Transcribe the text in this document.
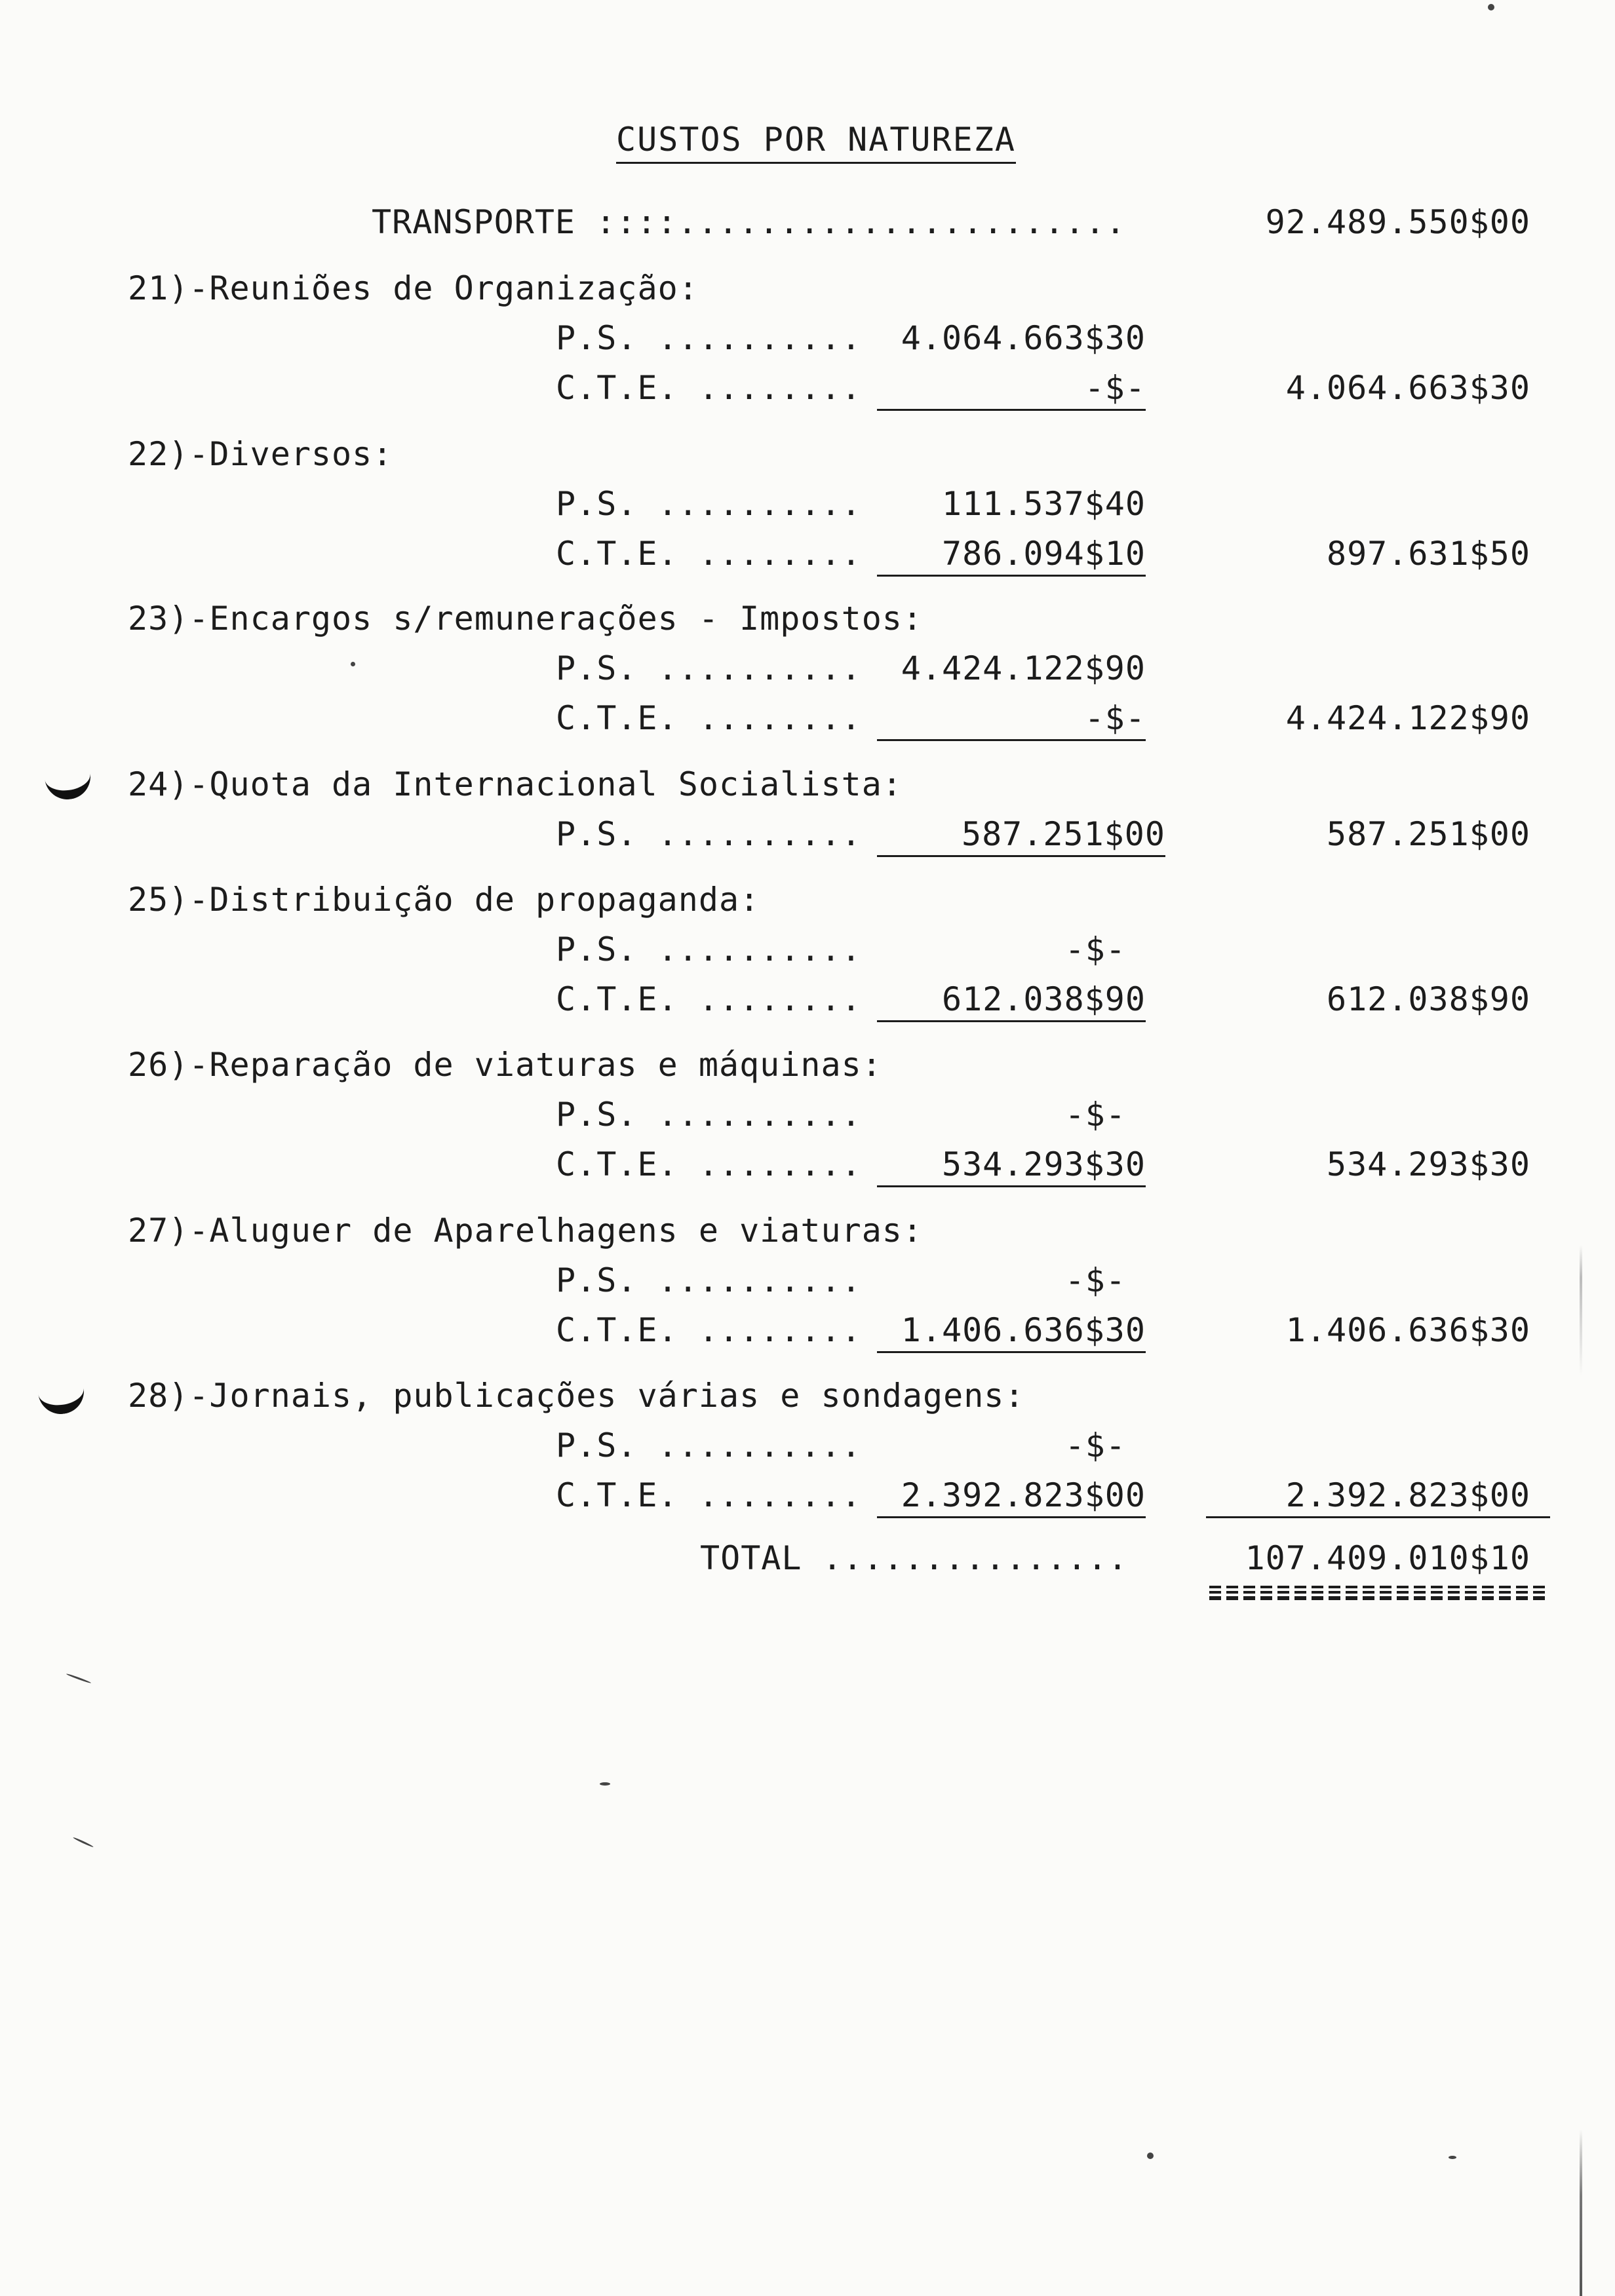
CUSTOS POR NATUREZA
TRANSPORTE ::::......................	92.489.550$00
21)-Reuniões de Organização:
P.S. ..........	4.064.663$30
C.T.E. ........	-$-	4.064.663$30
22)-Diversos:
P.S. ..........	111.537$40
C.T.E. ........	786.094$10	897.631$50
23)-Encargos s/remunerações - Impostos:
P.S. ..........	4.424.122$90
C.T.E. ........	-$-	4.424.122$90
24)-Quota da Internacional Socialista:
P.S. ..........	587.251$00	587.251$00
25)-Distribuição de propaganda:
P.S. ..........	-$-
C.T.E. ........	612.038$90	612.038$90
26)-Reparação de viaturas e máquinas:
P.S. ..........	-$-
C.T.E. ........	534.293$30	534.293$30
27)-Aluguer de Aparelhagens e viaturas:
P.S. ..........	-$-
C.T.E. ........	1.406.636$30	1.406.636$30
28)-Jornais, publicações várias e sondagens:
P.S. ..........	-$-
C.T.E. ........	2.392.823$00	2.392.823$00
TOTAL ...............	107.409.010$10
